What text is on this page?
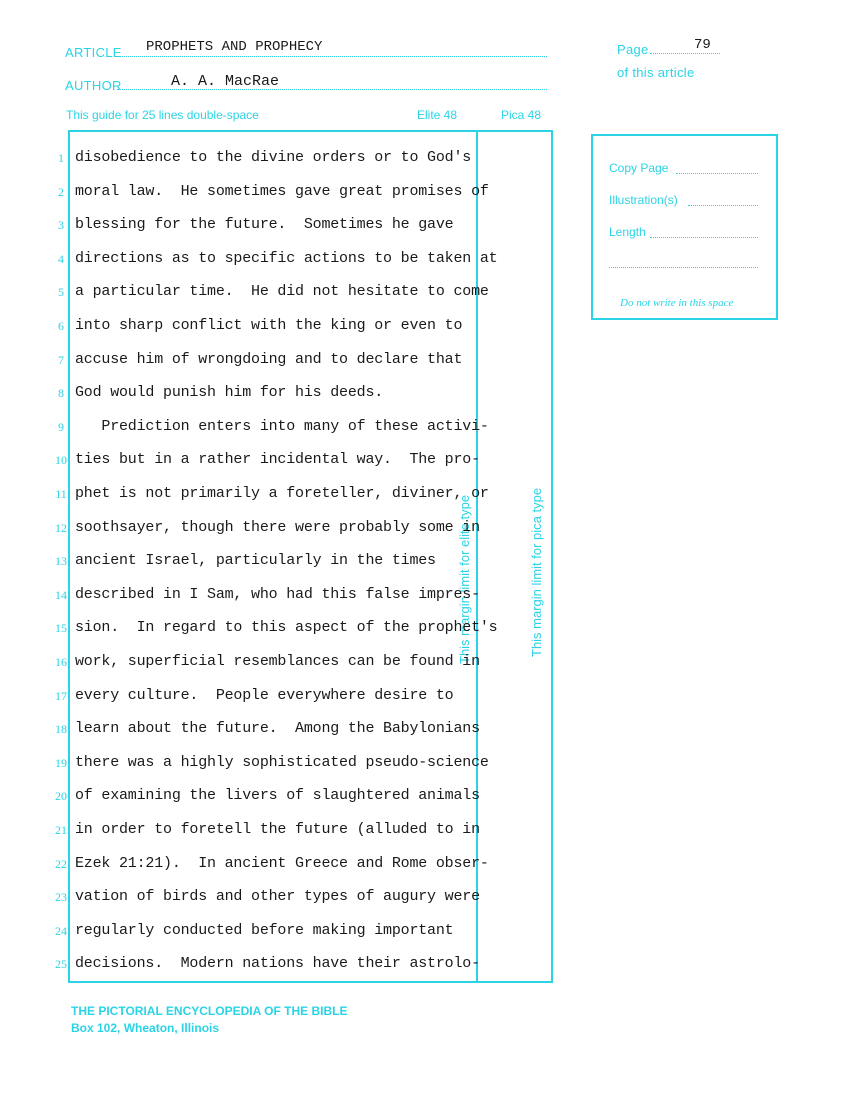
ARTICLE PROPHETS AND PROPHECY
AUTHOR	A. A. MacRae
Page	79
of this article
This guide for 25 lines double-space	Elite 48	Pica 48
This margin limit for elite type	This margin limit for pica type
Copy Page
Illustration(s)
Length
Do not write in this space
1 disobedience to the divine orders or to God's
2 moral law.  He sometimes gave great promises of
3 blessing for the future.  Sometimes he gave
4 directions as to specific actions to be taken at
5 a particular time.  He did not hesitate to come
6 into sharp conflict with the king or even to
7 accuse him of wrongdoing and to declare that
8 God would punish him for his deeds.
9 Prediction enters into many of these activi-
10 ties but in a rather incidental way.  The pro-
11 phet is not primarily a foreteller, diviner, or
12 soothsayer, though there were probably some in
13 ancient Israel, particularly in the times
14 described in I Sam, who had this false impres-
15 sion.  In regard to this aspect of the prophet's
16 work, superficial resemblances can be found in
17 every culture.  People everywhere desire to
18 learn about the future.  Among the Babylonians
19 there was a highly sophisticated pseudo-science
20 of examining the livers of slaughtered animals
21 in order to foretell the future (alluded to in
22 Ezek 21:21).  In ancient Greece and Rome obser-
23 vation of birds and other types of augury were
24 regularly conducted before making important
25 decisions.  Modern nations have their astrolo-
THE PICTORIAL ENCYCLOPEDIA OF THE BIBLE
Box 102, Wheaton, Illinois
